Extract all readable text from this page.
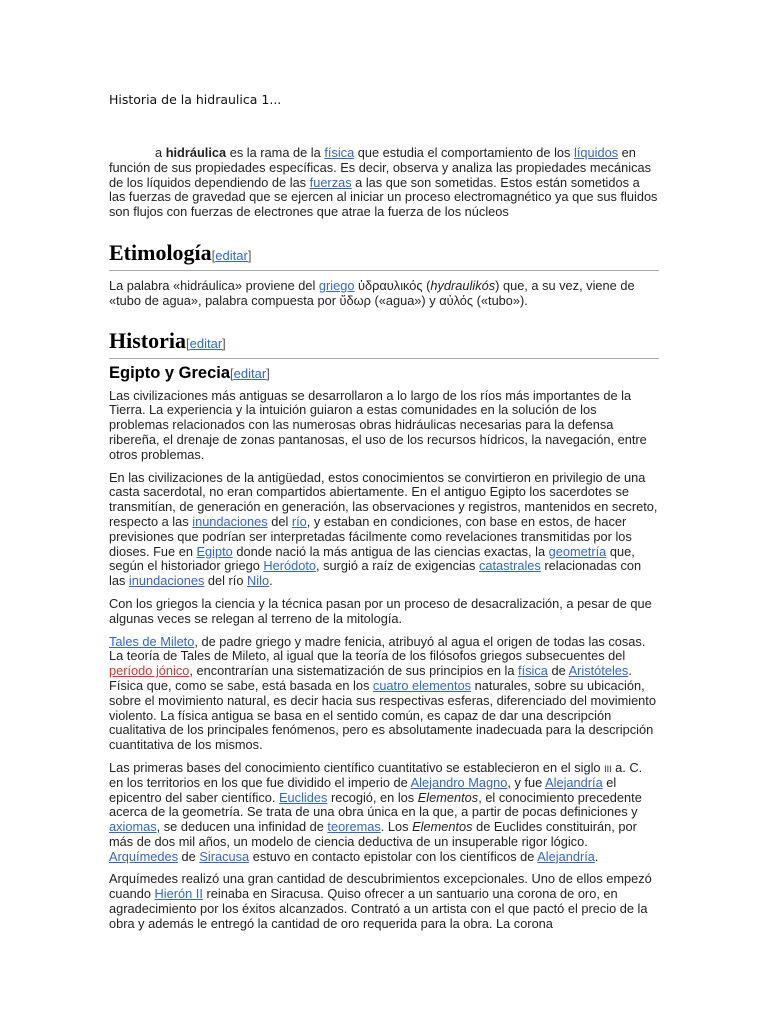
Historia de la hidraulica 1...

a hidráulica es la rama de la física que estudia el comportamiento de los líquidos en función de sus propiedades específicas. Es decir, observa y analiza las propiedades mecánicas de los líquidos dependiendo de las fuerzas a las que son sometidas. Estos están sometidos a las fuerzas de gravedad que se ejercen al iniciar un proceso electromagnético ya que sus fluidos son flujos con fuerzas de electrones que atrae la fuerza de los núcleos

Etimología[editar]

La palabra «hidráulica» proviene del griego ὑδραυλικός (hydraulikós) que, a su vez, viene de «tubo de agua», palabra compuesta por ὕδωρ («agua») y αὐλός («tubo»).

Historia[editar]
Egipto y Grecia[editar]

Las civilizaciones más antiguas se desarrollaron a lo largo de los ríos más importantes de la Tierra. La experiencia y la intuición guiaron a estas comunidades en la solución de los problemas relacionados con las numerosas obras hidráulicas necesarias para la defensa ribereña, el drenaje de zonas pantanosas, el uso de los recursos hídricos, la navegación, entre otros problemas.

En las civilizaciones de la antigüedad, estos conocimientos se convirtieron en privilegio de una casta sacerdotal, no eran compartidos abiertamente. En el antiguo Egipto los sacerdotes se transmitían, de generación en generación, las observaciones y registros, mantenidos en secreto, respecto a las inundaciones del río, y estaban en condiciones, con base en estos, de hacer previsiones que podrían ser interpretadas fácilmente como revelaciones transmitidas por los dioses. Fue en Egipto donde nació la más antigua de las ciencias exactas, la geometría que, según el historiador griego Heródoto, surgió a raíz de exigencias catastrales relacionadas con las inundaciones del río Nilo.

Con los griegos la ciencia y la técnica pasan por un proceso de desacralización, a pesar de que algunas veces se relegan al terreno de la mitología.

Tales de Mileto, de padre griego y madre fenicia, atribuyó al agua el origen de todas las cosas. La teoría de Tales de Mileto, al igual que la teoría de los filósofos griegos subsecuentes del período jónico, encontrarían una sistematización de sus principios en la física de Aristóteles. Física que, como se sabe, está basada en los cuatro elementos naturales, sobre su ubicación, sobre el movimiento natural, es decir hacia sus respectivas esferas, diferenciado del movimiento violento. La física antigua se basa en el sentido común, es capaz de dar una descripción cualitativa de los principales fenómenos, pero es absolutamente inadecuada para la descripción cuantitativa de los mismos.

Las primeras bases del conocimiento científico cuantitativo se establecieron en el siglo iii a. C. en los territorios en los que fue dividido el imperio de Alejandro Magno, y fue Alejandría el epicentro del saber científico. Euclides recogió, en los Elementos, el conocimiento precedente acerca de la geometría. Se trata de una obra única en la que, a partir de pocas definiciones y axiomas, se deducen una infinidad de teoremas. Los Elementos de Euclides constituirán, por más de dos mil años, un modelo de ciencia deductiva de un insuperable rigor lógico. Arquímedes de Siracusa estuvo en contacto epistolar con los científicos de Alejandría.

Arquímedes realizó una gran cantidad de descubrimientos excepcionales. Uno de ellos empezó cuando Hierón II reinaba en Siracusa. Quiso ofrecer a un santuario una corona de oro, en agradecimiento por los éxitos alcanzados. Contrató a un artista con el que pactó el precio de la obra y además le entregó la cantidad de oro requerida para la obra. La corona
